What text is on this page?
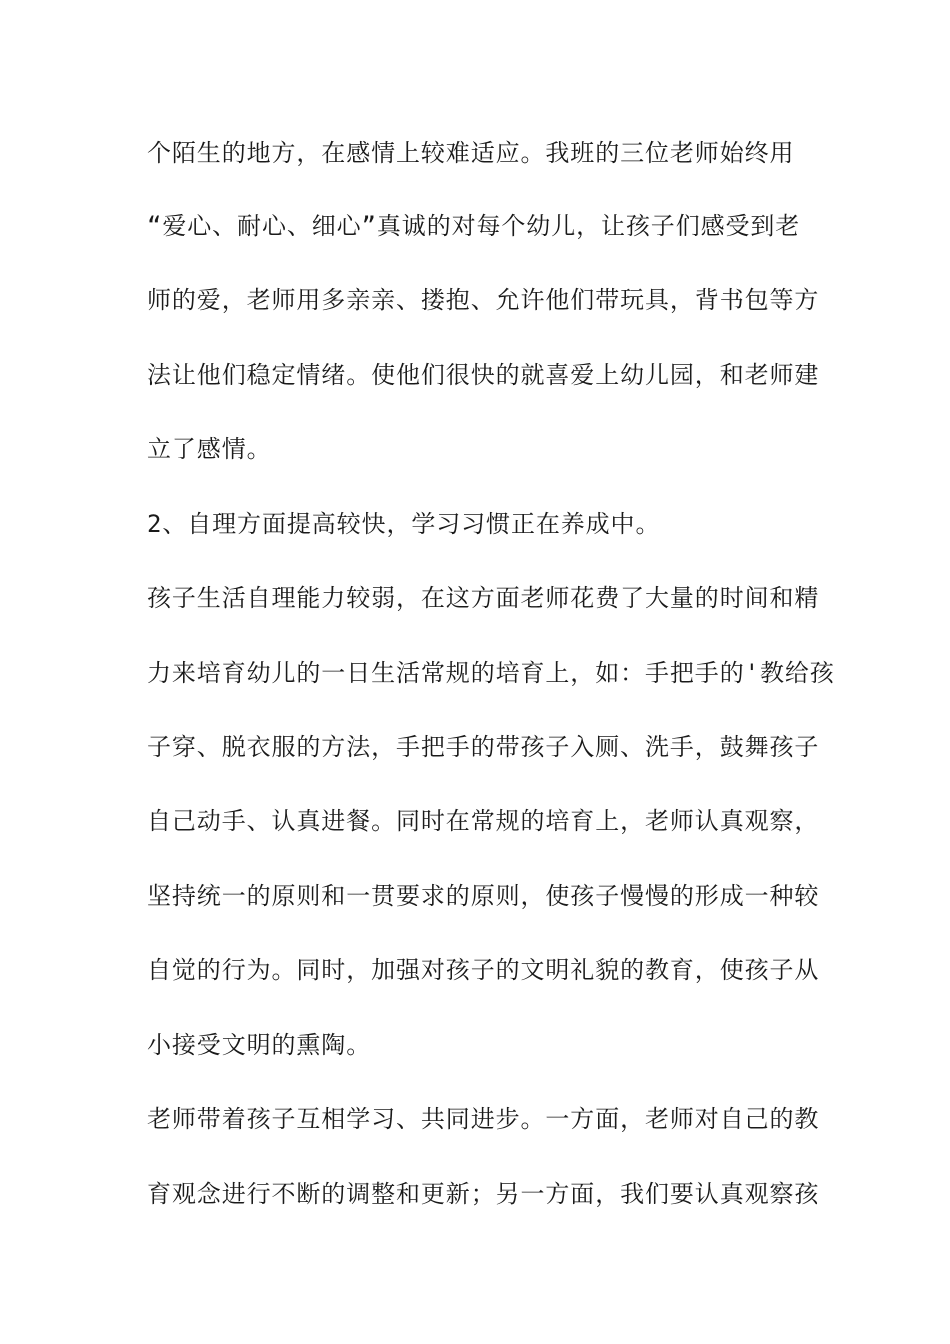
个陌生的地方，在感情上较难适应。我班的三位老师始终用
“爱心、耐心、细心”真诚的对每个幼儿，让孩子们感受到老
师的爱，老师用多亲亲、搂抱、允许他们带玩具，背书包等方
法让他们稳定情绪。使他们很快的就喜爱上幼儿园，和老师建
立了感情。
2、自理方面提高较快，学习习惯正在养成中。
孩子生活自理能力较弱，在这方面老师花费了大量的时间和精
力来培育幼儿的一日生活常规的培育上，如：手把手的'教给孩
子穿、脱衣服的方法，手把手的带孩子入厕、洗手，鼓舞孩子
自己动手、认真进餐。同时在常规的培育上，老师认真观察，
坚持统一的原则和一贯要求的原则，使孩子慢慢的形成一种较
自觉的行为。同时，加强对孩子的文明礼貌的教育，使孩子从
小接受文明的熏陶。
老师带着孩子互相学习、共同进步。一方面，老师对自己的教
育观念进行不断的调整和更新；另一方面，我们要认真观察孩
